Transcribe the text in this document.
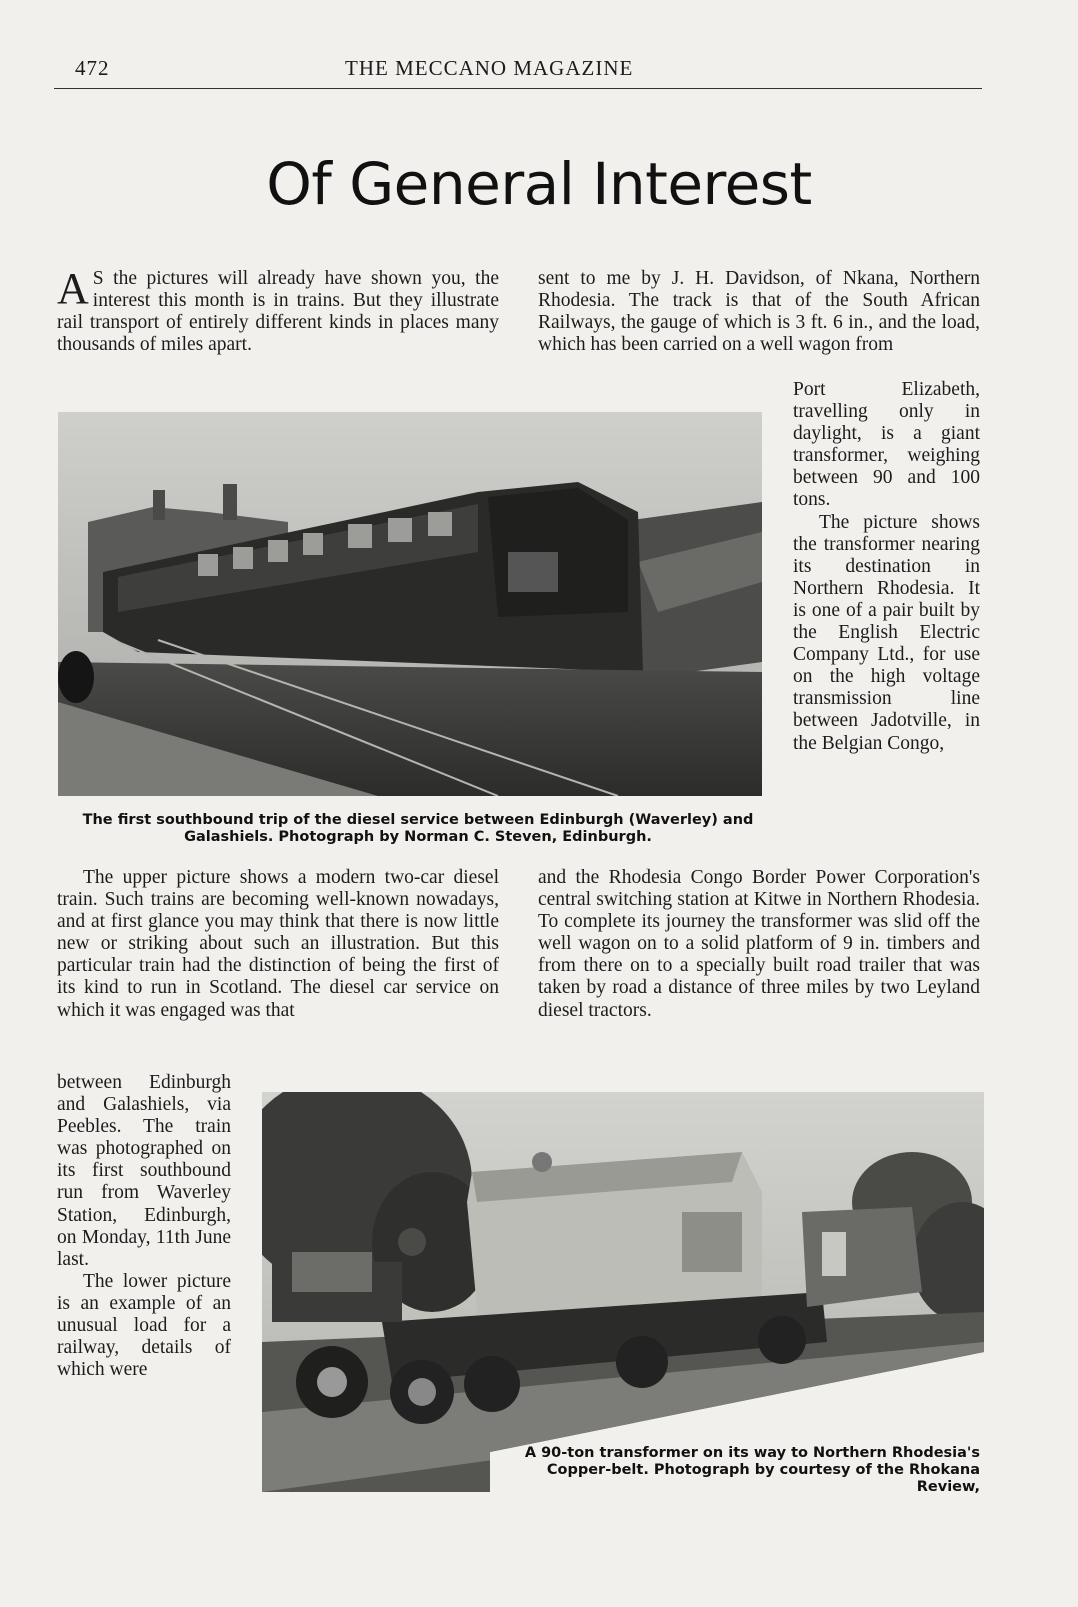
472	THE MECCANO MAGAZINE
Of General Interest

A S the pictures will already have shown you, the interest this month is in trains. But they illustrate rail transport of entirely different kinds in places many thousands of miles apart.

sent to me by J. H. Davidson, of Nkana, Northern Rhodesia. The track is that of the South African Railways, the gauge of which is 3 ft. 6 in., and the load, which has been carried on a well wagon from

Port Elizabeth, travelling only in daylight, is a giant transformer, weighing between 90 and 100 tons.

The picture shows the transformer nearing its destination in Northern Rhodesia. It is one of a pair built by the English Electric Company Ltd., for use on the high voltage transmission line between Jadotville, in the Belgian Congo,

The first southbound trip of the diesel service between Edinburgh (Waverley) and Galashiels. Photograph by Norman C. Steven, Edinburgh.

and the Rhodesia Congo Border Power Corporation's central switching station at Kitwe in Northern Rhodesia. To complete its journey the transformer was slid off the well wagon on to a solid platform of 9 in. timbers and from there on to a specially built road trailer that was taken by road a distance of three miles by two Leyland diesel tractors.

The upper picture shows a modern two-car diesel train. Such trains are becoming well-known nowadays, and at first glance you may think that there is now little new or striking about such an illustration. But this particular train had the distinction of being the first of its kind to run in Scotland. The diesel car service on which it was engaged was that

between Edinburgh and Galashiels, via Peebles. The train was photographed on its first southbound run from Waverley Station, Edinburgh, on Monday, 11th June last.

The lower picture is an example of an unusual load for a railway, details of which were

A 90-ton transformer on its way to Northern Rhodesia's Copper-belt. Photograph by courtesy of the Rhokana Review,
